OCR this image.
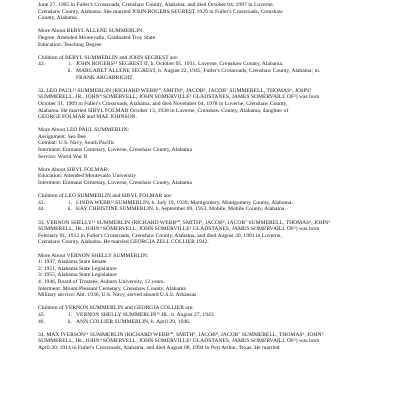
June 27, 1905 in Fuller's Crossroads, Crenshaw County, Alabama, and died October 04, 1997 in Luverne,
Crenshaw County, Alabama. She married JOHN ROGERS SEGREST 1929 in Fuller's Crossroads, Crenshaw
County, Alabama.
More About BERYL ALLENE SUMMERLIN:
Degree: Attended Montevallo, Graduated Troy State
Education: Teaching Degree
Children of BERYL SUMMERLIN and JOHN SEGREST are:
42.	i. JOHN ROGERS¹² SEGREST II, b. October 05, 1931, Luverne, Crenshaw County, Alabama.
ii. MARGARET ALLENE SEGREST, b. August 22, 1945, Fuller's Crossroads, Crenshaw County, Alabama; m.
FRANK ARGABRIGHT.
32. LEO PAUL¹¹ SUMMERLIN (RICHARD WEBB¹⁰, SMITH⁹, JACOB⁸, JACOB⁷ SUMMERELL, THOMAS⁶, JOHN⁵
SUMMERELL, JR., JOHN⁴ SOMERVELL, JOHN SOMERVILLE³ GLADSTANES, JAMES SOMERVAILL OF²) was born
October 31, 1909 in Fuller's Crossroads, Alabama, and died November 04, 1978 in Luverne, Crenshaw County,
Alabama. He married SIBYL FOLMAR October 13, 1938 in Luverne, Crenshaw County, Alabama, daughter of
GEORGE FOLMAR and MAE JOHNSON.
More About LEO PAUL SUMMERLIN:
Assignment: Sea Bee
Combat: U.S. Navy, South Pacific
Interment: Emmaus Cemetary, Luverne, Crenshaw County, Alabama
Service: World War II
More About SIBYL FOLMAR:
Education: Attended Montevallo University
Interment: Emmaus Cemetary, Luverne, Crenshaw County, Alabama
Children of LEO SUMMERLIN and SIBYL FOLMAR are:
43.	i. LINDA WEBB¹² SUMMERLIN, b. July 19, 1939, Montgomery, Montgomery County, Alabama.
44.	ii. KAY CHRISTINE SUMMERLIN, b. September 09, 1953, Mobile, Mobile County, Alabama.
33. VERNON SHELLY¹¹ SUMMERLIN (RICHARD WEBB¹⁰, SMITH⁹, JACOB⁸, JACOB⁷ SUMMERELL, THOMAS⁶, JOHN⁵
SUMMERELL, JR., JOHN⁴ SOMERVELL, JOHN SOMERVILLE³ GLADSTANES, JAMES SOMERVAILL OF²) was born
February 01, 1912 in Fuller's Crossroads, Crenshaw County, Alabama, and died August 30, 1981 in Luverne,
Crenshaw County, Alabama. He married GEORGIA ZELL COLLIER 1942.
More About VERNON SHELLY SUMMERLIN:
1: 1947, Alabama State Senate
2: 1951, Alabama State Legislature
3: 1955, Alabama State Legislature
4: 1946, Board of Trustees, Auburn University, 12 years.
Interment: Mount Pleasant Cemetary, Crenshaw County, Alabama
Military service: Abt. 1936, U.S. Navy, served aboard U.S.S. Arkansas
Children of VERNON SUMMERLIN and GEORGIA COLLIER are:
45.	i. VERNON SHELLY SUMMERLIN¹² JR., b. August 27, 1943.
46.	ii. ANN COLLIER SUMMERLIN, b. April 29, 1946.
34. MAX IVERSON¹¹ SUMMERLIN (RICHARD WEBB¹⁰, SMITH⁹, JACOB⁸, JACOB⁷ SUMMERELL, THOMAS⁶, JOHN⁵
SUMMERELL, JR., JOHN⁴ SOMERVELL, JOHN SOMERVILLE³ GLADSTANES, JAMES SOMERVAILL OF²) was born
April 30, 1914 in Fuller's Crossroads, Alabama, and died August 08, 1994 in Port Arthur, Texas. He married
